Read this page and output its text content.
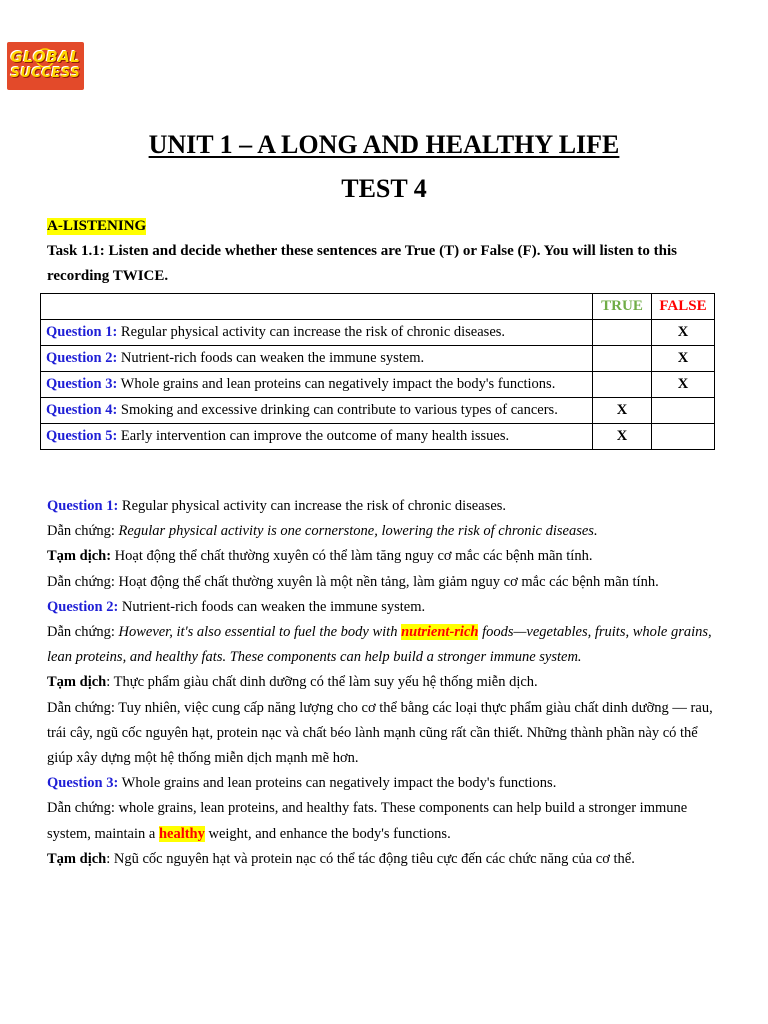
GLOBAL
SUCCESS
UNIT 1 – A LONG AND HEALTHY LIFE
TEST 4
A-LISTENING
Task 1.1: Listen and decide whether these sentences are True (T) or False (F). You will listen to this recording TWICE.
	TRUE	FALSE
Question 1: Regular physical activity can increase the risk of chronic diseases.		X
Question 2: Nutrient-rich foods can weaken the immune system.		X
Question 3: Whole grains and lean proteins can negatively impact the body's functions.		X
Question 4: Smoking and excessive drinking can contribute to various types of cancers.	X	
Question 5: Early intervention can improve the outcome of many health issues.	X	

Question 1: Regular physical activity can increase the risk of chronic diseases.

Dẫn chứng: Regular physical activity is one cornerstone, lowering the risk of chronic diseases.

Tạm dịch: Hoạt động thể chất thường xuyên có thể làm tăng nguy cơ mắc các bệnh mãn tính.

Dẫn chứng: Hoạt động thể chất thường xuyên là một nền tảng, làm giảm nguy cơ mắc các bệnh mãn tính.

Question 2: Nutrient-rich foods can weaken the immune system.

Dẫn chứng: However, it's also essential to fuel the body with nutrient-rich foods—vegetables, fruits, whole grains, lean proteins, and healthy fats. These components can help build a stronger immune system.

Tạm dịch: Thực phẩm giàu chất dinh dưỡng có thể làm suy yếu hệ thống miễn dịch.

Dẫn chứng: Tuy nhiên, việc cung cấp năng lượng cho cơ thể bằng các loại thực phẩm giàu chất dinh dưỡng — rau, trái cây, ngũ cốc nguyên hạt, protein nạc và chất béo lành mạnh cũng rất cần thiết. Những thành phần này có thể giúp xây dựng một hệ thống miễn dịch mạnh mẽ hơn.

Question 3: Whole grains and lean proteins can negatively impact the body's functions.

Dẫn chứng: whole grains, lean proteins, and healthy fats. These components can help build a stronger immune system, maintain a healthy weight, and enhance the body's functions.

Tạm dịch: Ngũ cốc nguyên hạt và protein nạc có thể tác động tiêu cực đến các chức năng của cơ thể.
